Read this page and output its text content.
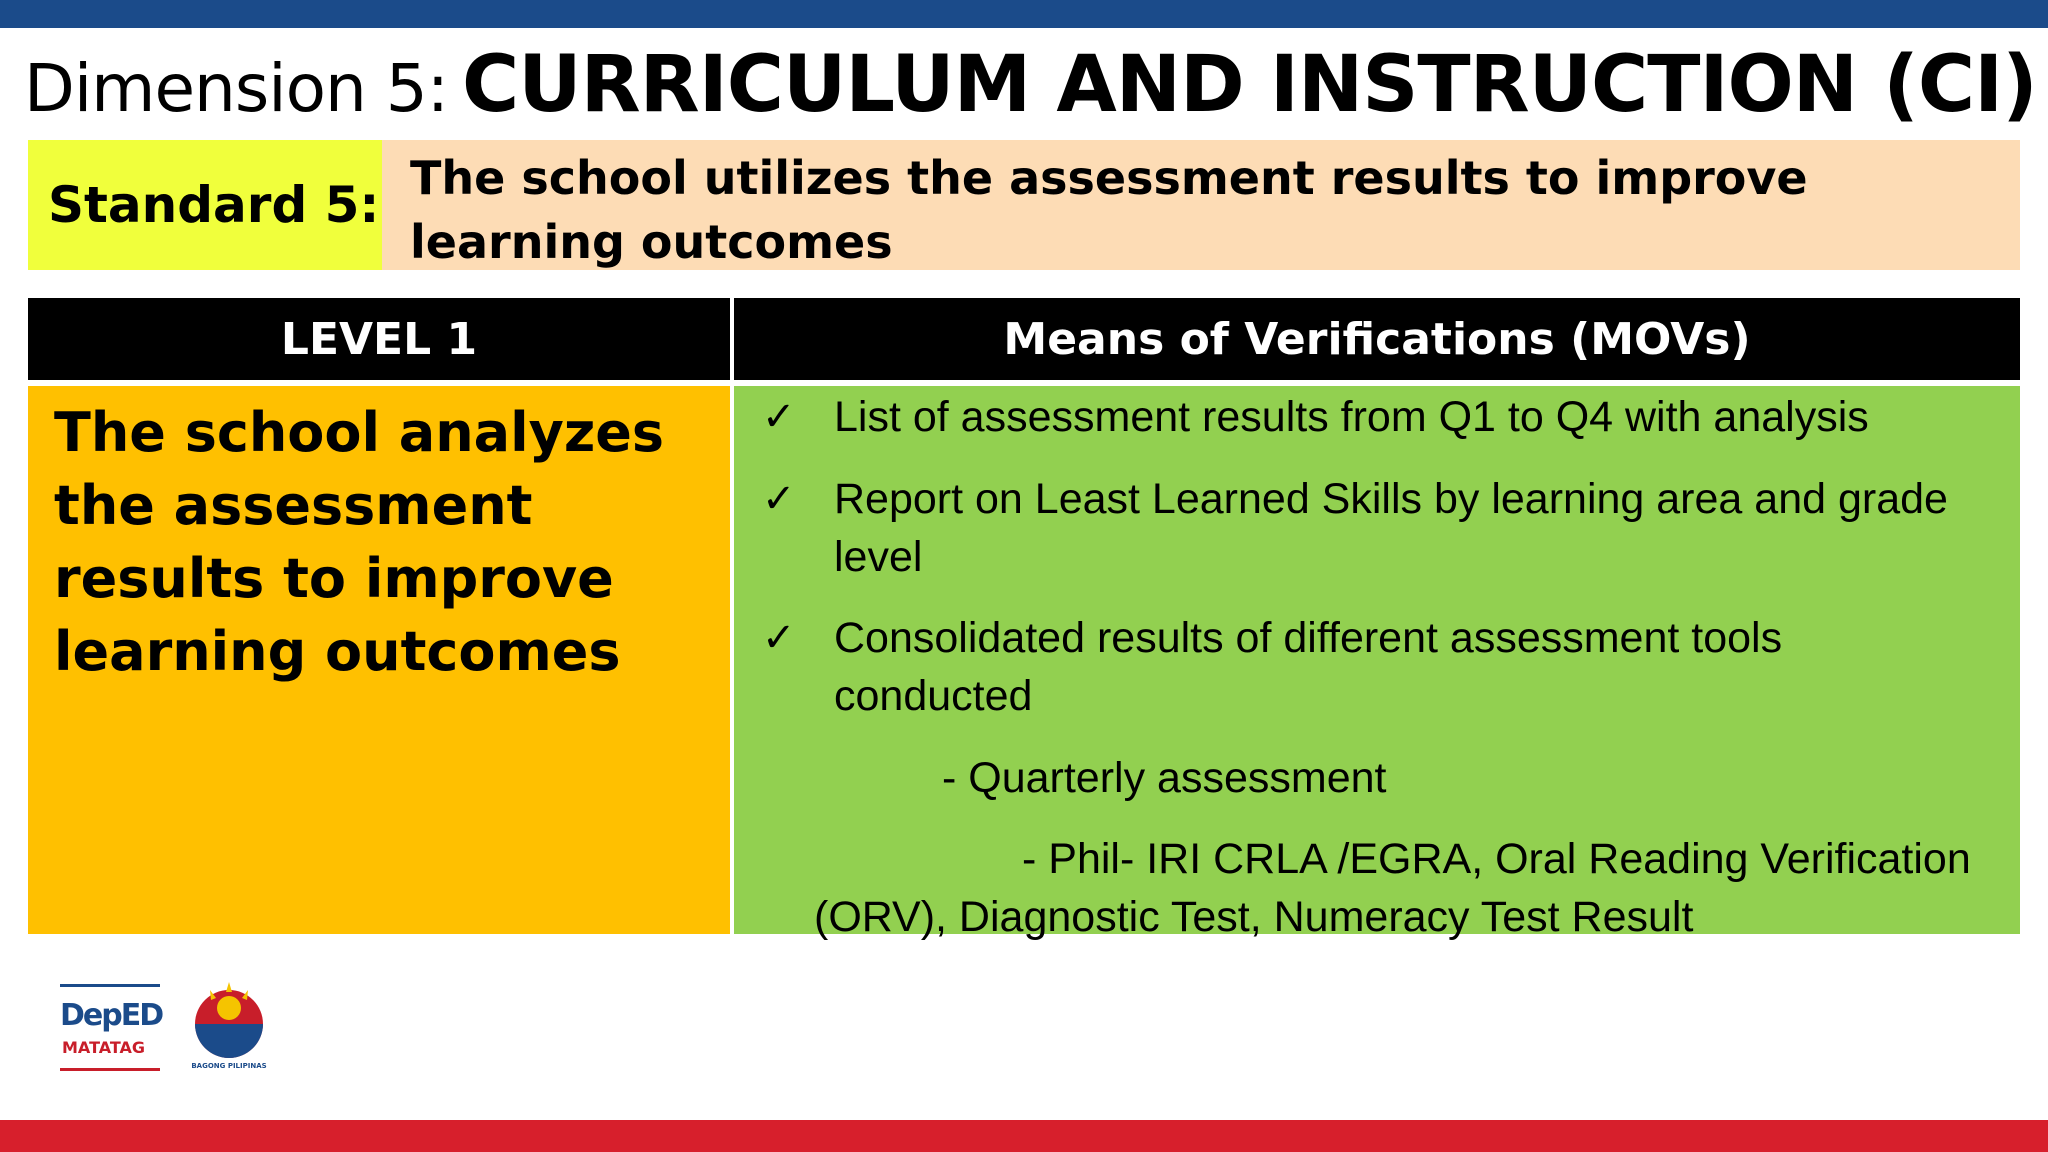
Dimension 5: CURRICULUM AND INSTRUCTION (CI)
Standard 5: The school utilizes the assessment results to improve learning outcomes
LEVEL 1	Means of Verifications (MOVs)
The school analyzes the assessment results to improve learning outcomes
✓ List of assessment results from Q1 to Q4 with analysis
✓ Report on Least Learned Skills by learning area and grade level
✓ Consolidated results of different assessment tools conducted
- Quarterly assessment
- Phil- IRI CRLA /EGRA, Oral Reading Verification (ORV), Diagnostic Test, Numeracy Test Result
DepED
MATATAG
BAGONG PILIPINAS
